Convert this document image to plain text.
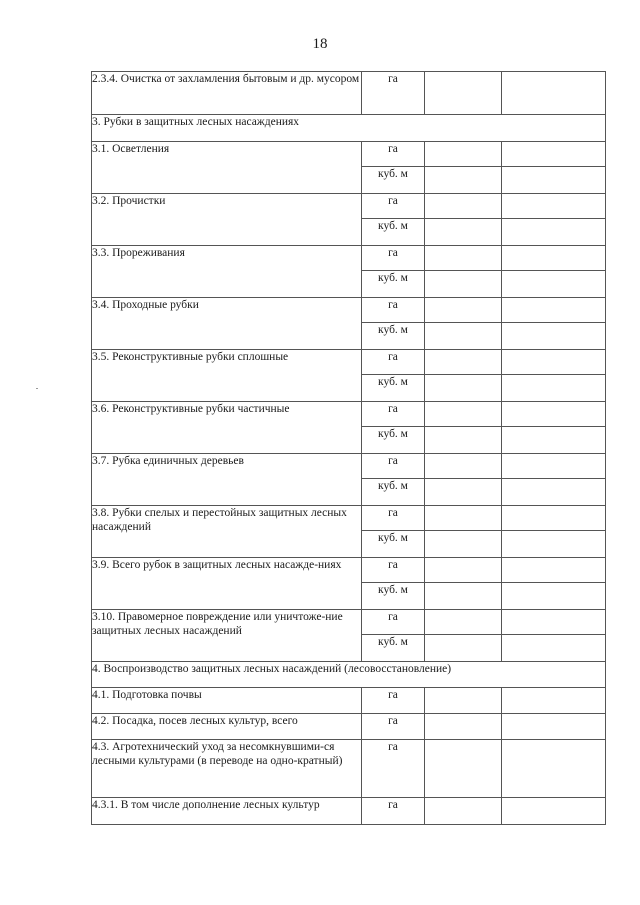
18
2.3.4. Очистка от захламления бытовым и др. мусором	га		
3. Рубки в защитных лесных насаждениях			
3.1. Осветления	га		
	куб. м		
3.2. Прочистки	га		
	куб. м		
3.3. Прореживания	га		
	куб. м		
3.4. Проходные рубки	га		
	куб. м		
3.5. Реконструктивные рубки сплошные	га		
	куб. м		
3.6. Реконструктивные рубки частичные	га		
	куб. м		
3.7. Рубка единичных деревьев	га		
	куб. м		
3.8. Рубки спелых и перестойных защитных лесных насаждений	га		
	куб. м		
3.9. Всего рубок в защитных лесных насажде-ниях	га		
	куб. м		
3.10. Правомерное повреждение или уничтоже-ние защитных лесных насаждений	га		
	куб. м		
4. Воспроизводство защитных лесных насаждений (лесовосстановление)			
4.1. Подготовка почвы	га		
4.2. Посадка, посев лесных культур, всего	га		
4.3. Агротехнический уход за несомкнувшими-ся лесными культурами (в переводе на одно-кратный)	га		
4.3.1. В том числе дополнение лесных культур	га		
